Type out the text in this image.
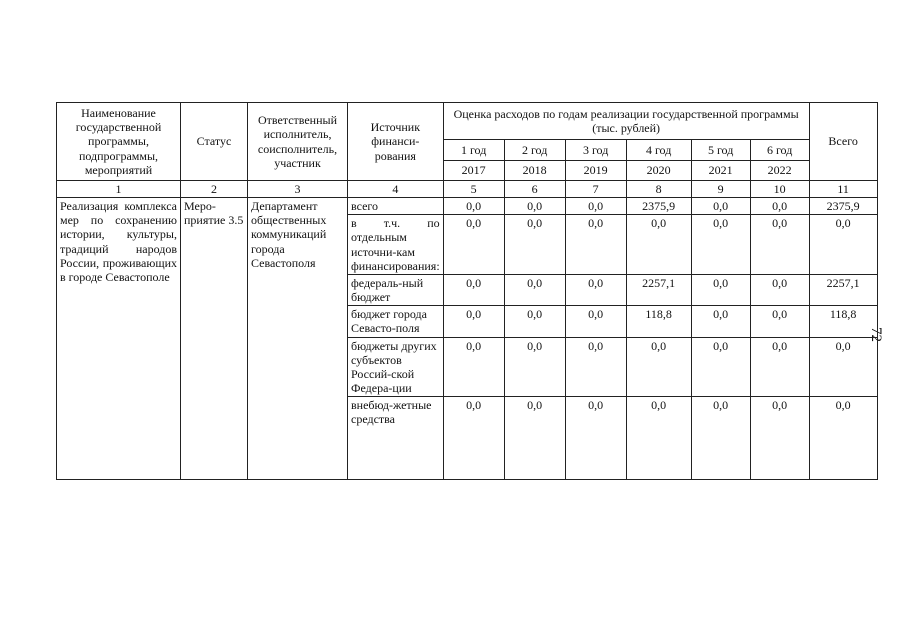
72
Наименование государственной программы, подпрограммы, мероприятий	Статус	Ответственный исполнитель, соисполнитель, участник	Источник финанси-рования	Оценка расходов по годам реализации государственной программы (тыс. рублей)						Всего
				1 год	2 год	3 год	4 год	5 год	6 год	
				2017	2018	2019	2020	2021	2022	
1	2	3	4	5	6	7	8	9	10	11
Реализация комплекса мер по сохранению истории, культуры, традиций народов России, проживающих в городе Севастополе	Меро-приятие 3.5	Департамент общественных коммуникаций города Севастополя	всего	0,0	0,0	0,0	2375,9	0,0	0,0	2375,9
			в т.ч. по отдельным источни-кам финансирования:	0,0	0,0	0,0	0,0	0,0	0,0	0,0
			федераль-ный бюджет	0,0	0,0	0,0	2257,1	0,0	0,0	2257,1
			бюджет города Севасто-поля	0,0	0,0	0,0	118,8	0,0	0,0	118,8
			бюджеты других субъектов Россий-ской Федера-ции	0,0	0,0	0,0	0,0	0,0	0,0	0,0
			внебюд-жетные средства	0,0	0,0	0,0	0,0	0,0	0,0	0,0
